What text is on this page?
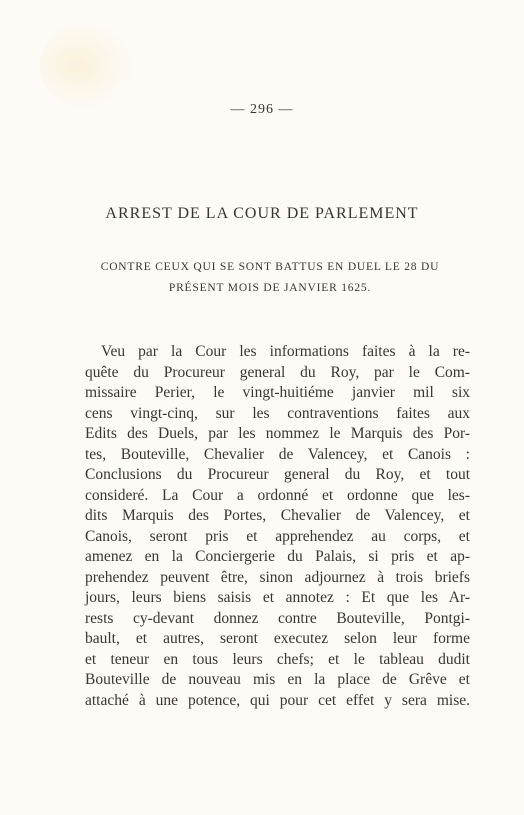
— 296 —
ARREST DE LA COUR DE PARLEMENT
CONTRE CEUX QUI SE SONT BATTUS EN DUEL LE 28 DU
PRÉSENT MOIS DE JANVIER 1625.
Veu par la Cour les informations faites à la re-
quête du Procureur general du Roy, par le Com-
missaire Perier, le vingt-huitiéme janvier mil six
cens vingt-cinq, sur les contraventions faites aux
Edits des Duels, par les nommez le Marquis des Por-
tes, Bouteville, Chevalier de Valencey, et Canois :
Conclusions du Procureur general du Roy, et tout
consideré. La Cour a ordonné et ordonne que les-
dits Marquis des Portes, Chevalier de Valencey, et
Canois, seront pris et apprehendez au corps, et
amenez en la Conciergerie du Palais, si pris et ap-
prehendez peuvent être, sinon adjournez à trois briefs
jours, leurs biens saisis et annotez : Et que les Ar-
rests cy-devant donnez contre Bouteville, Pontgi-
bault, et autres, seront executez selon leur forme
et teneur en tous leurs chefs; et le tableau dudit
Bouteville de nouveau mis en la place de Grêve et
attaché à une potence, qui pour cet effet y sera mise.
